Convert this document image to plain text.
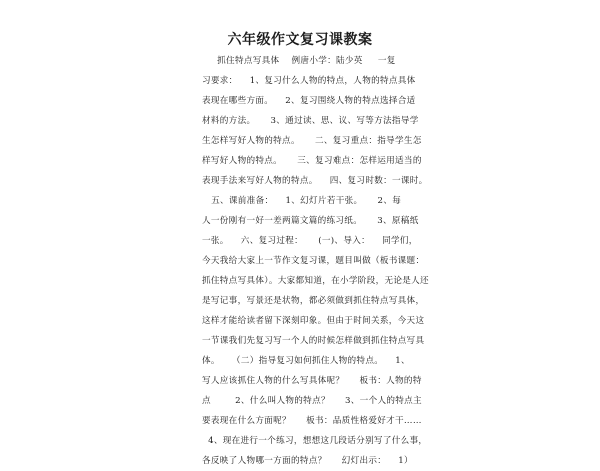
六年级作文复习课教案
抓住特点写具体    例唐小学：陆少英     一复
习要求：    1、复习什么人物的特点，人物的特点具体
表现在哪些方面。    2、复习围绕人物的特点选择合适
材料的方法。     3、通过读、思、议、写等方法指导学
生怎样写好人物的特点。     二、复习重点：指导学生怎
样写好人物的特点。     三、复习难点：怎样运用适当的
表现手法来写好人物的特点。    四、复习时数：一课时。
五、课前准备：    1、幻灯片若干张。     2、每
人一份刚有一好一差两篇文篇的练习纸。     3、原稿纸
一张。    六、复习过程：     (一)、导入：    同学们，
今天我给大家上一节作文复习课，题目叫做（板书课题：
抓住特点写具体）。大家都知道，在小学阶段，无论是人还
是写记事，写景还是状物，都必须做到抓住特点写具体，
这样才能给读者留下深刻印象。但由于时间关系，今天这
一节课我们先复习写一个人的时候怎样做到抓住特点写具
体。    （二）指导复习如何抓住人物的特点。    1、
写人应该抓住人物的什么写具体呢？     板书：人物的特
点        2、什么叫人物的特点？     3、一个人的特点主
要表现在什么方面呢？     板书：品质性格爱好才干……
4、现在进行一个练习，想想这几段话分别写了什么事，
各反映了人物哪一方面的特点？     幻灯出示：    1）
